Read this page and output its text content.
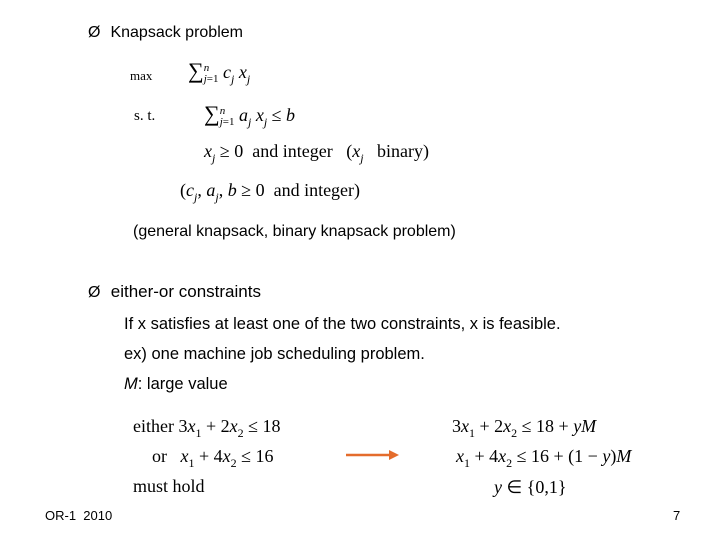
Ø Knapsack problem
max ∑ n
j=1 $c_j$ $x_j$
s. t. ∑ n
j=1 $a_j$ $x_j \le b$
$x_j \ge 0$  and integer   ($x_j$ binary)
($c_j$, $a_j$, b ≥ 0  and integer)
(general knapsack, binary knapsack problem)
Ø either-or constraints
If x satisfies at least one of the two constraints, x is feasible.
ex) one machine job scheduling problem.
M: large value
either $3x_1 + 2x_2 \le 18$
or $x_1 + 4x_2 \le 16$
must hold
$3x_1 + 2x_2 \le 18$ + yM
$x_1 + 4x_2 \le 16 + (1 - y)M$
y ∈ {0,1}
OR-1  2010	7
